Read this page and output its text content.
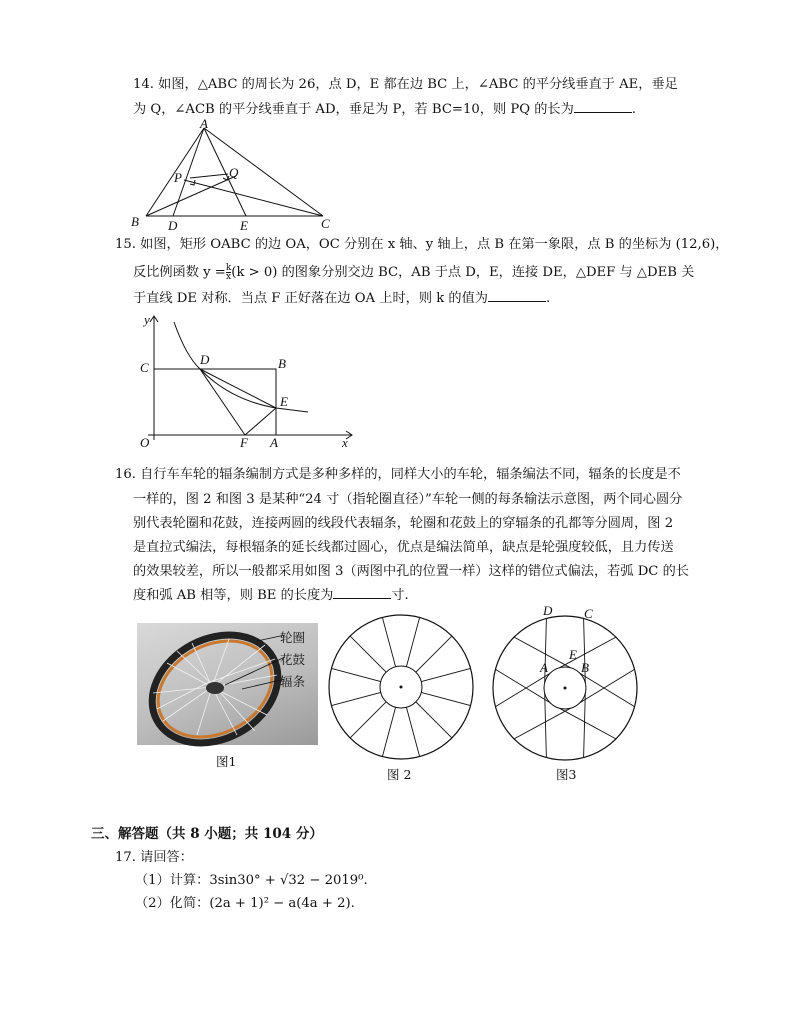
14. 如图，△ABC 的周长为 26，点 D，E 都在边 BC 上，∠ABC 的平分线垂直于 AE，垂足
为 Q，∠ACB 的平分线垂直于 AD，垂足为 P，若 BC=10，则 PQ 的长为	.
A
B	C
D	E
P	Q
15. 如图，矩形 OABC 的边 OA，OC 分别在 x 轴、y 轴上，点 B 在第一象限，点 B 的坐标为 (12,6)，
反比例函数 $y = \frac{k}{x} (k > 0)$ 的图象分别交边 BC，AB 于点 D，E，连接 DE，△DEF 与 △DEB 关
于直线 DE 对称．当点 F 正好落在边 OA 上时，则 k 的值为	.
y
x
O
C
D	B
E
F A
16. 自行车车轮的辐条编制方式是多种多样的，同样大小的车轮，辐条编法不同，辐条的长度是不
一样的，图 2 和图 3 是某种“24 寸（指轮圈直径）”车轮一侧的每条输法示意图，两个同心圆分
别代表轮圈和花鼓，连接两圆的线段代表辐条，轮圈和花鼓上的穿辐条的孔都等分圆周，图 2
是直拉式编法，每根辐条的延长线都过圆心，优点是编法简单，缺点是轮强度较低，且力传送
的效果较差，所以一般都采用如图 3（两图中孔的位置一样）这样的错位式偏法，若弧 DC 的长
度和弧 AB 相等，则 BE 的长度为	寸.
轮圈
花鼓
辐条
图1
图 2
D C
E
A	B
图3
三、解答题（共 8 小题；共 104 分）
17. 请回答：
（1）计算：3sin30° + √32 − 2019⁰.
（2）化简：(2a + 1)² − a(4a + 2).
